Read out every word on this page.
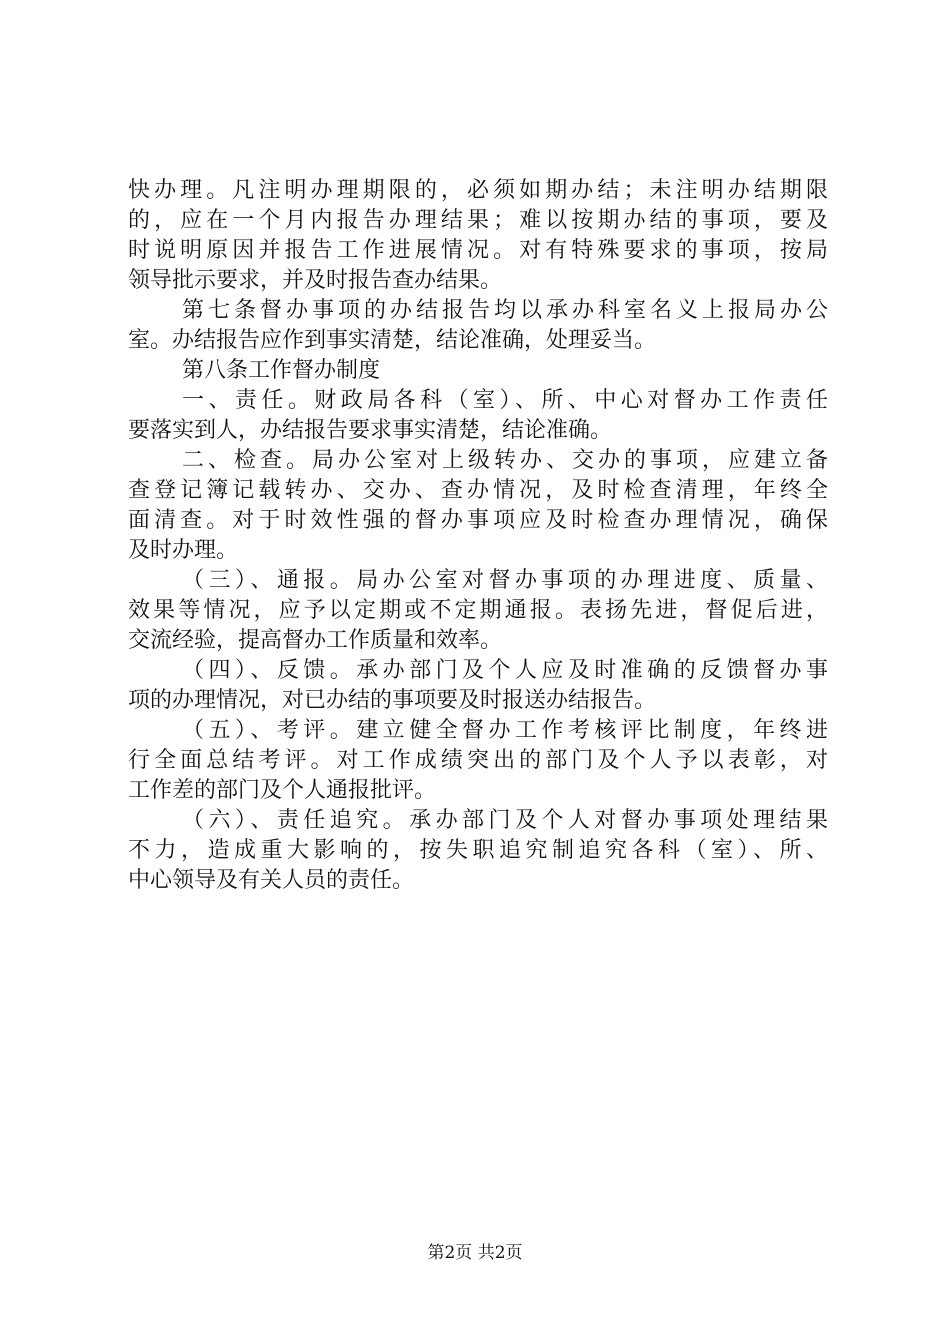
快办理。凡注明办理期限的，必须如期办结；未注明办结期限
的，应在一个月内报告办理结果；难以按期办结的事项，要及
时说明原因并报告工作进展情况。对有特殊要求的事项，按局
领导批示要求，并及时报告查办结果。
第七条督办事项的办结报告均以承办科室名义上报局办公
室。办结报告应作到事实清楚，结论准确，处理妥当。
第八条工作督办制度
一、责任。财政局各科（室）、所、中心对督办工作责任
要落实到人，办结报告要求事实清楚，结论准确。
二、检查。局办公室对上级转办、交办的事项，应建立备
查登记簿记载转办、交办、查办情况，及时检查清理，年终全
面清查。对于时效性强的督办事项应及时检查办理情况，确保
及时办理。
（三）、通报。局办公室对督办事项的办理进度、质量、
效果等情况，应予以定期或不定期通报。表扬先进，督促后进，
交流经验，提高督办工作质量和效率。
（四）、反馈。承办部门及个人应及时准确的反馈督办事
项的办理情况，对已办结的事项要及时报送办结报告。
（五）、考评。建立健全督办工作考核评比制度，年终进
行全面总结考评。对工作成绩突出的部门及个人予以表彰，对
工作差的部门及个人通报批评。
（六）、责任追究。承办部门及个人对督办事项处理结果
不力，造成重大影响的，按失职追究制追究各科（室）、所、
中心领导及有关人员的责任。
第2页 共2页
